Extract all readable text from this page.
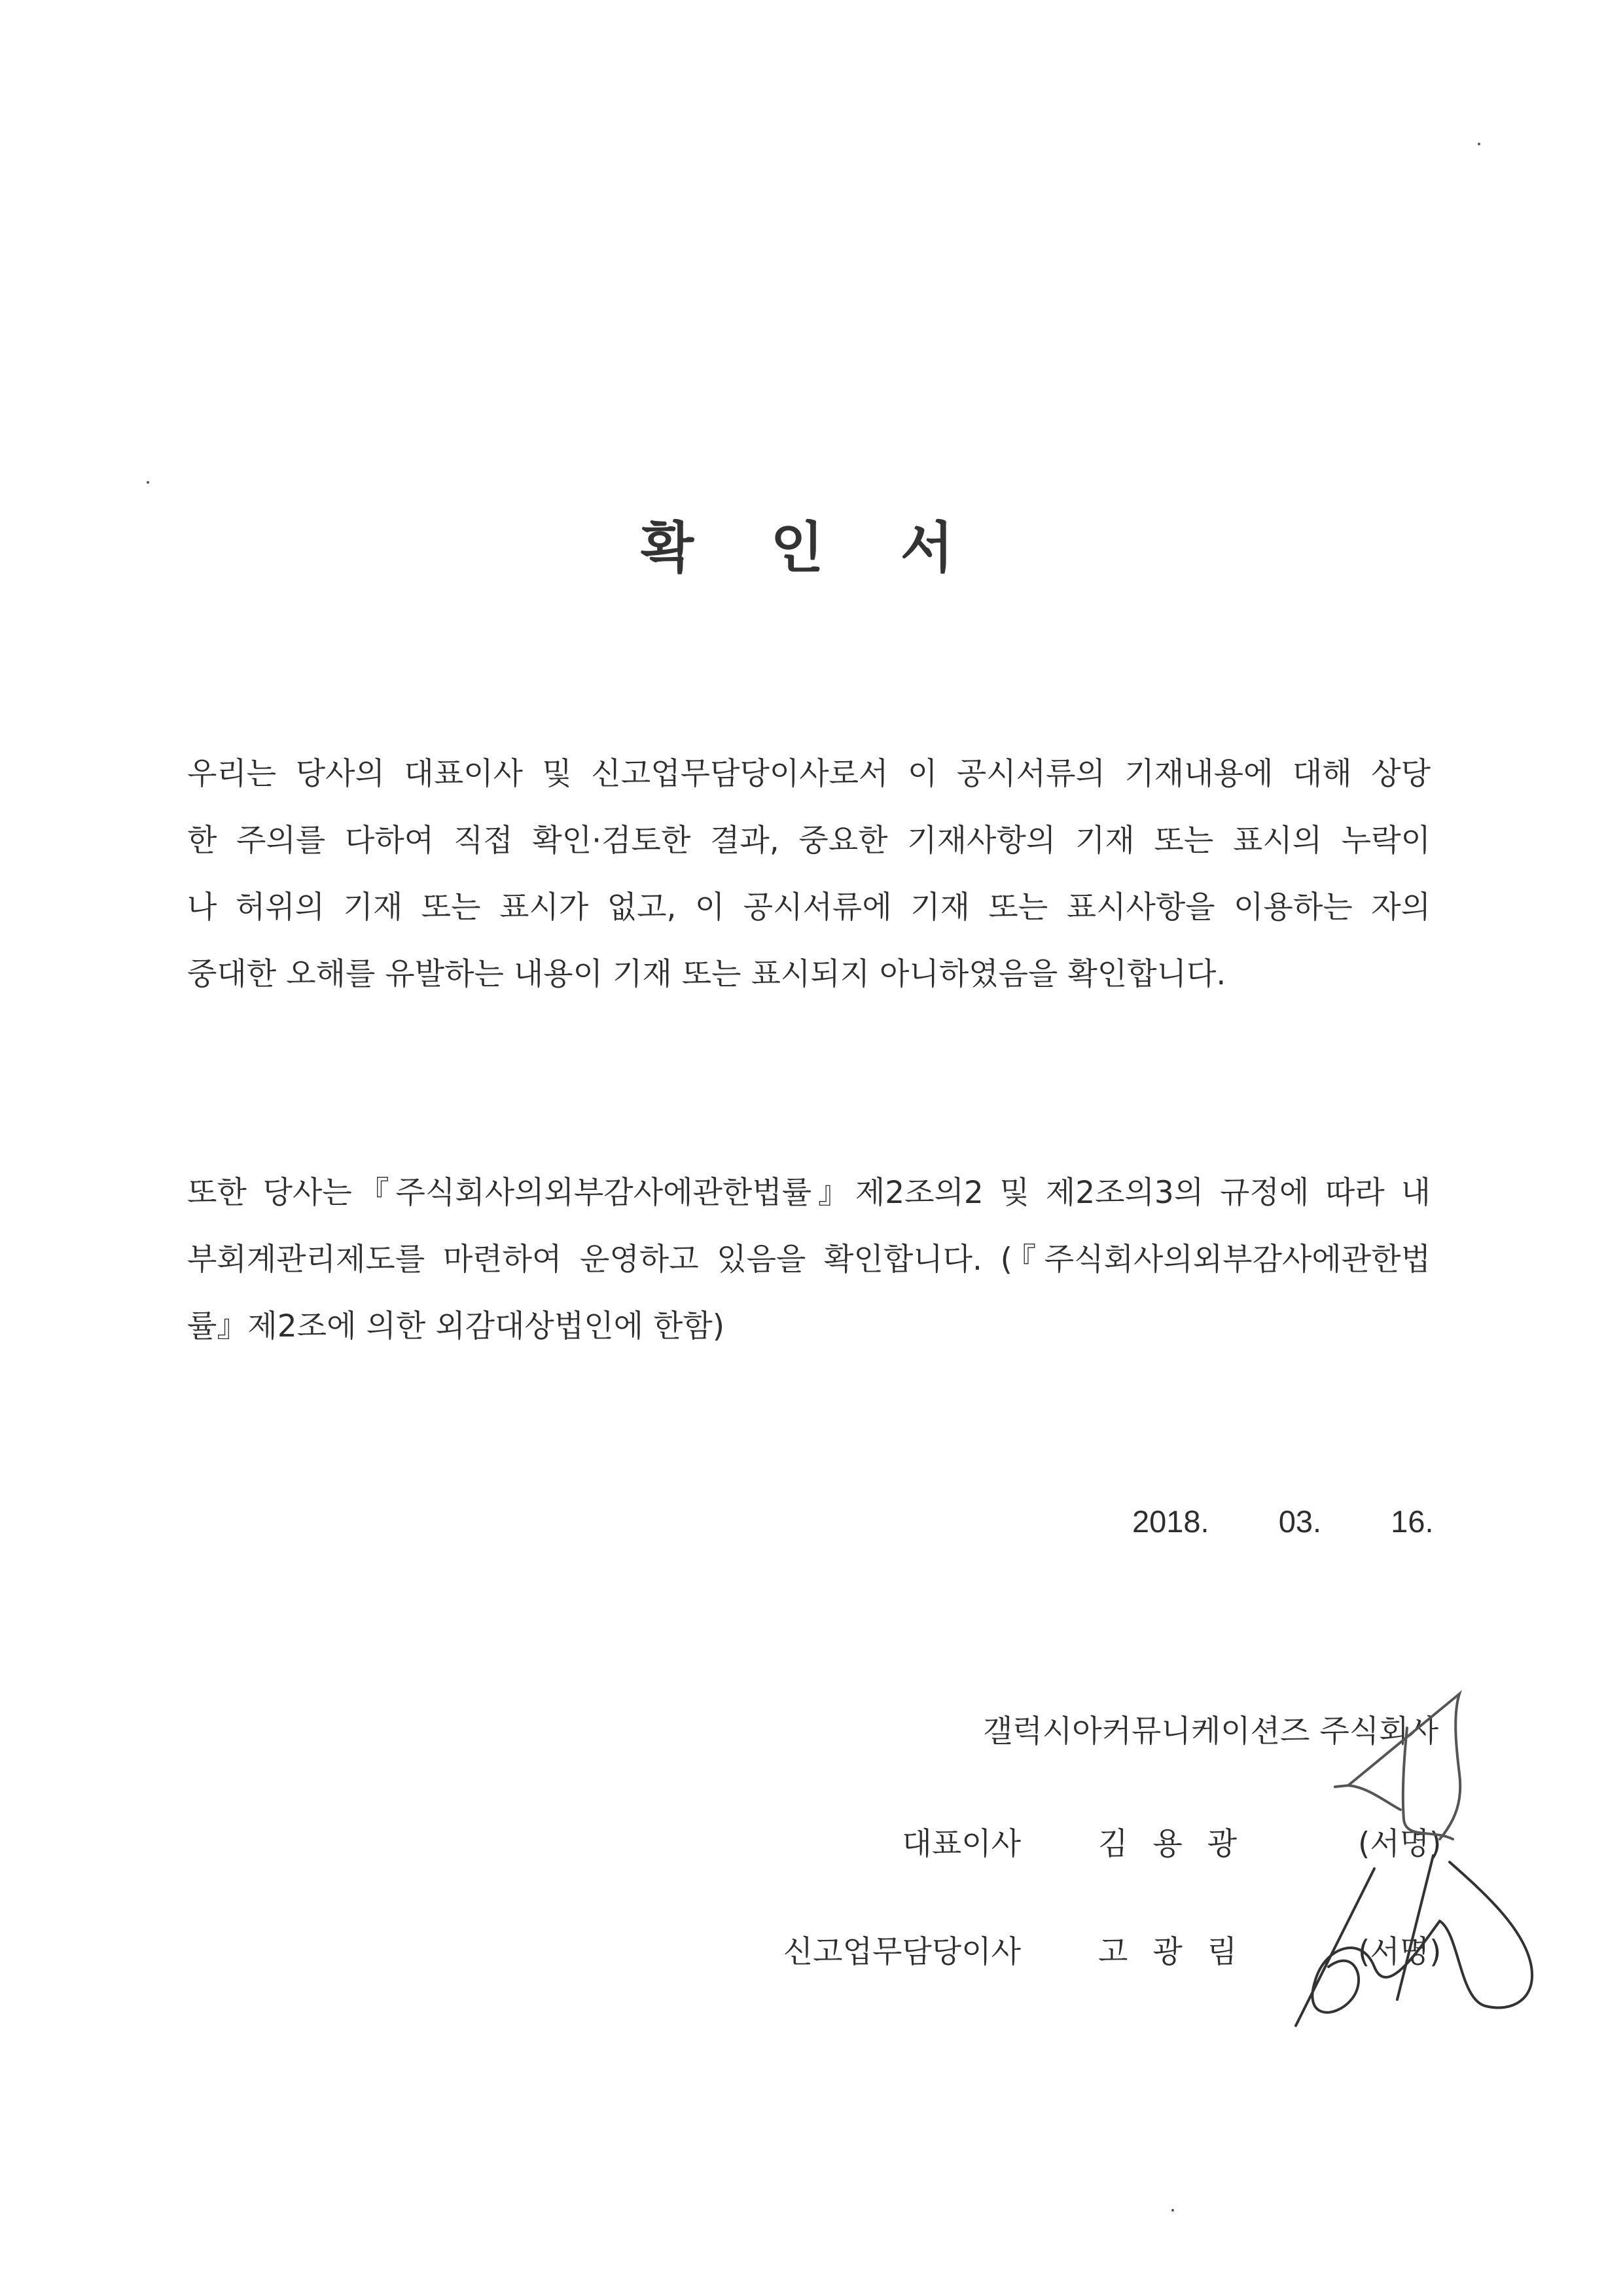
확 인 서
우리는 당사의 대표이사 및 신고업무담당이사로서 이 공시서류의 기재내용에 대해 상당
한 주의를 다하여 직접 확인·검토한 결과, 중요한 기재사항의 기재 또는 표시의 누락이
나 허위의 기재 또는 표시가 없고, 이 공시서류에 기재 또는 표시사항을 이용하는 자의
중대한 오해를 유발하는 내용이 기재 또는 표시되지 아니하였음을 확인합니다.
또한 당사는『주식회사의외부감사에관한법률』제2조의2 및 제2조의3의 규정에 따라 내
부회계관리제도를 마련하여 운영하고 있음을 확인합니다. (『주식회사의외부감사에관한법
률』제2조에 의한 외감대상법인에 한함)
2018.  03.  16.
갤럭시아커뮤니케이션즈 주식회사
대표이사	김용광	(서명)
신고업무담당이사	고광림	(서명)
